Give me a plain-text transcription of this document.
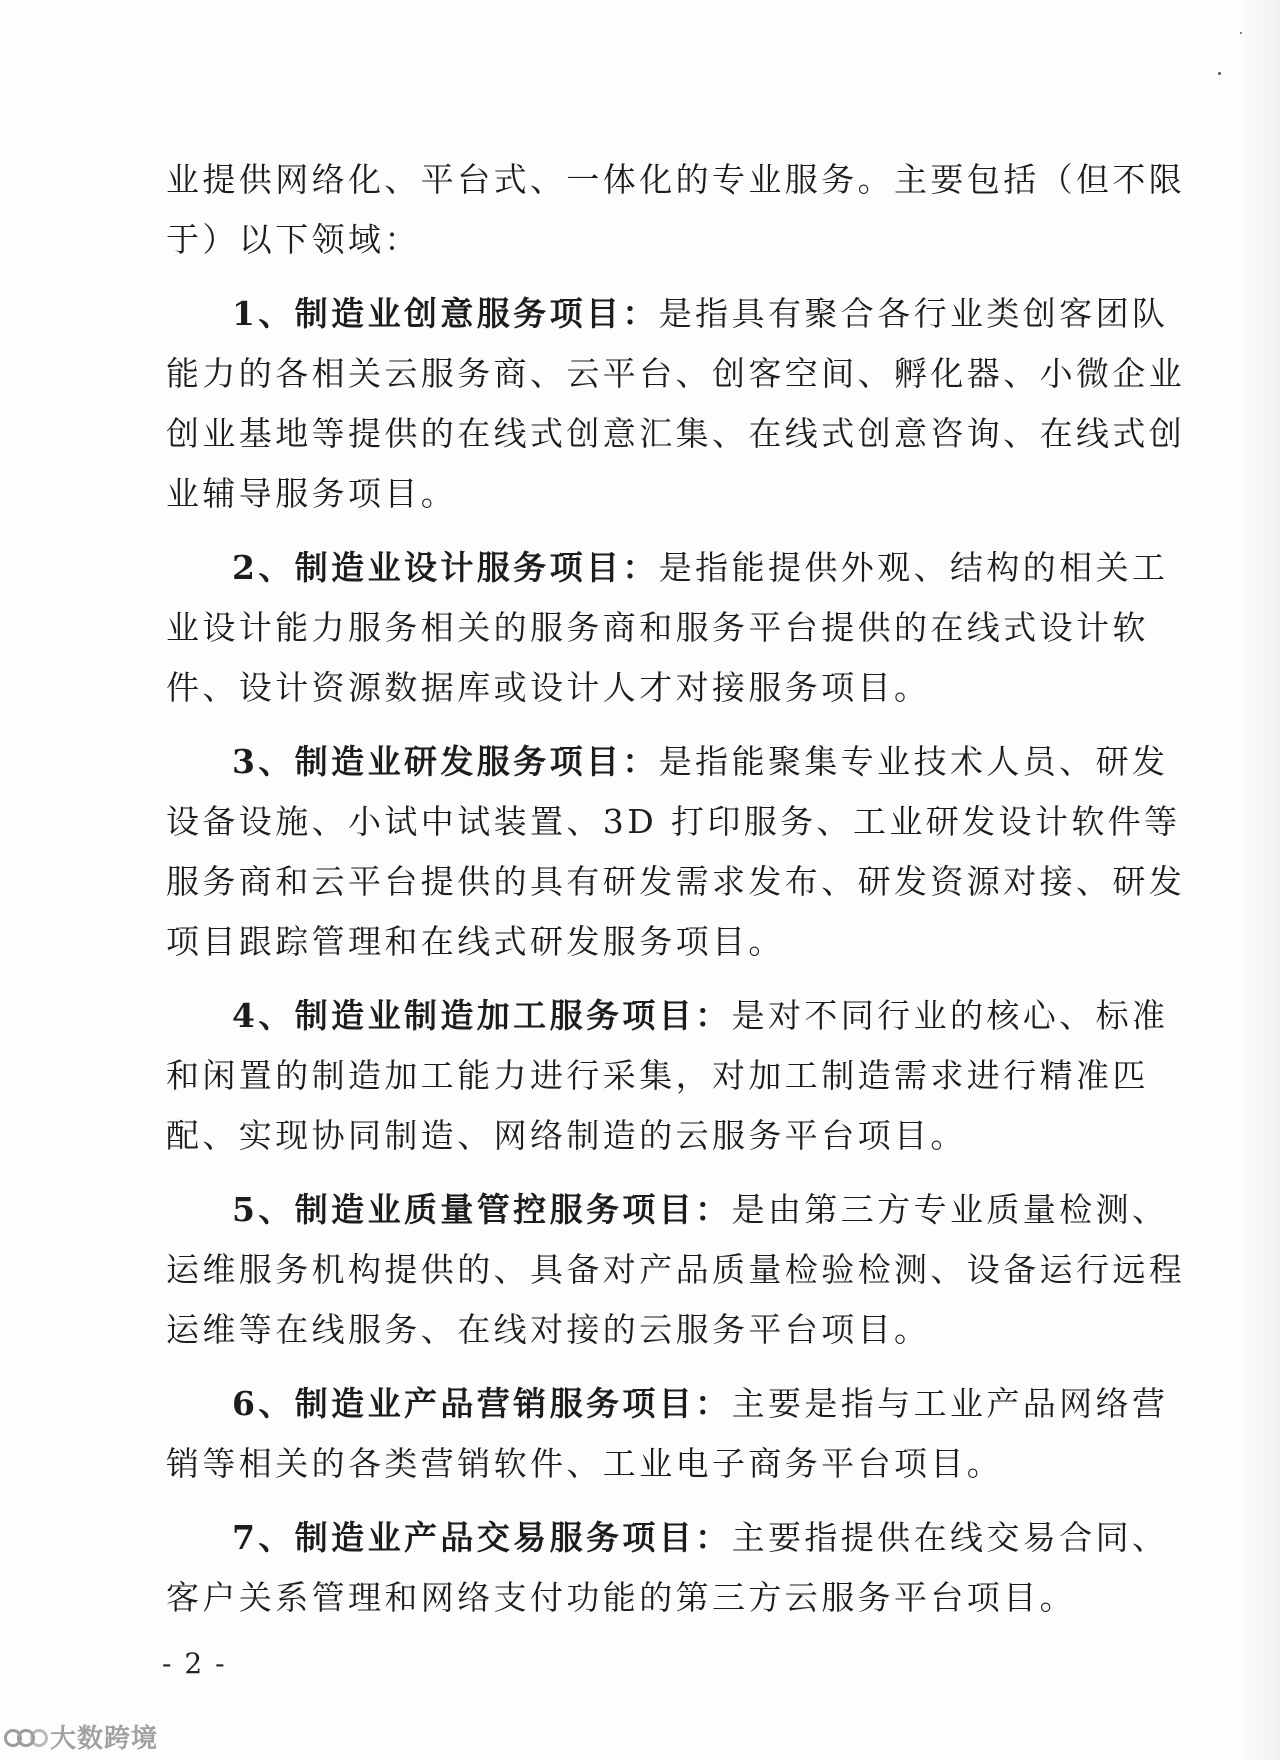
业提供网络化、平台式、一体化的专业服务。主要包括（但不限
于）以下领域：
1、制造业创意服务项目：是指具有聚合各行业类创客团队
能力的各相关云服务商、云平台、创客空间、孵化器、小微企业
创业基地等提供的在线式创意汇集、在线式创意咨询、在线式创
业辅导服务项目。
2、制造业设计服务项目：是指能提供外观、结构的相关工
业设计能力服务相关的服务商和服务平台提供的在线式设计软
件、设计资源数据库或设计人才对接服务项目。
3、制造业研发服务项目：是指能聚集专业技术人员、研发
设备设施、小试中试装置、3D 打印服务、工业研发设计软件等
服务商和云平台提供的具有研发需求发布、研发资源对接、研发
项目跟踪管理和在线式研发服务项目。
4、制造业制造加工服务项目：是对不同行业的核心、标准
和闲置的制造加工能力进行采集，对加工制造需求进行精准匹
配、实现协同制造、网络制造的云服务平台项目。
5、制造业质量管控服务项目：是由第三方专业质量检测、
运维服务机构提供的、具备对产品质量检验检测、设备运行远程
运维等在线服务、在线对接的云服务平台项目。
6、制造业产品营销服务项目：主要是指与工业产品网络营
销等相关的各类营销软件、工业电子商务平台项目。
7、制造业产品交易服务项目：主要指提供在线交易合同、
客户关系管理和网络支付功能的第三方云服务平台项目。
- 2 -
大数跨境
